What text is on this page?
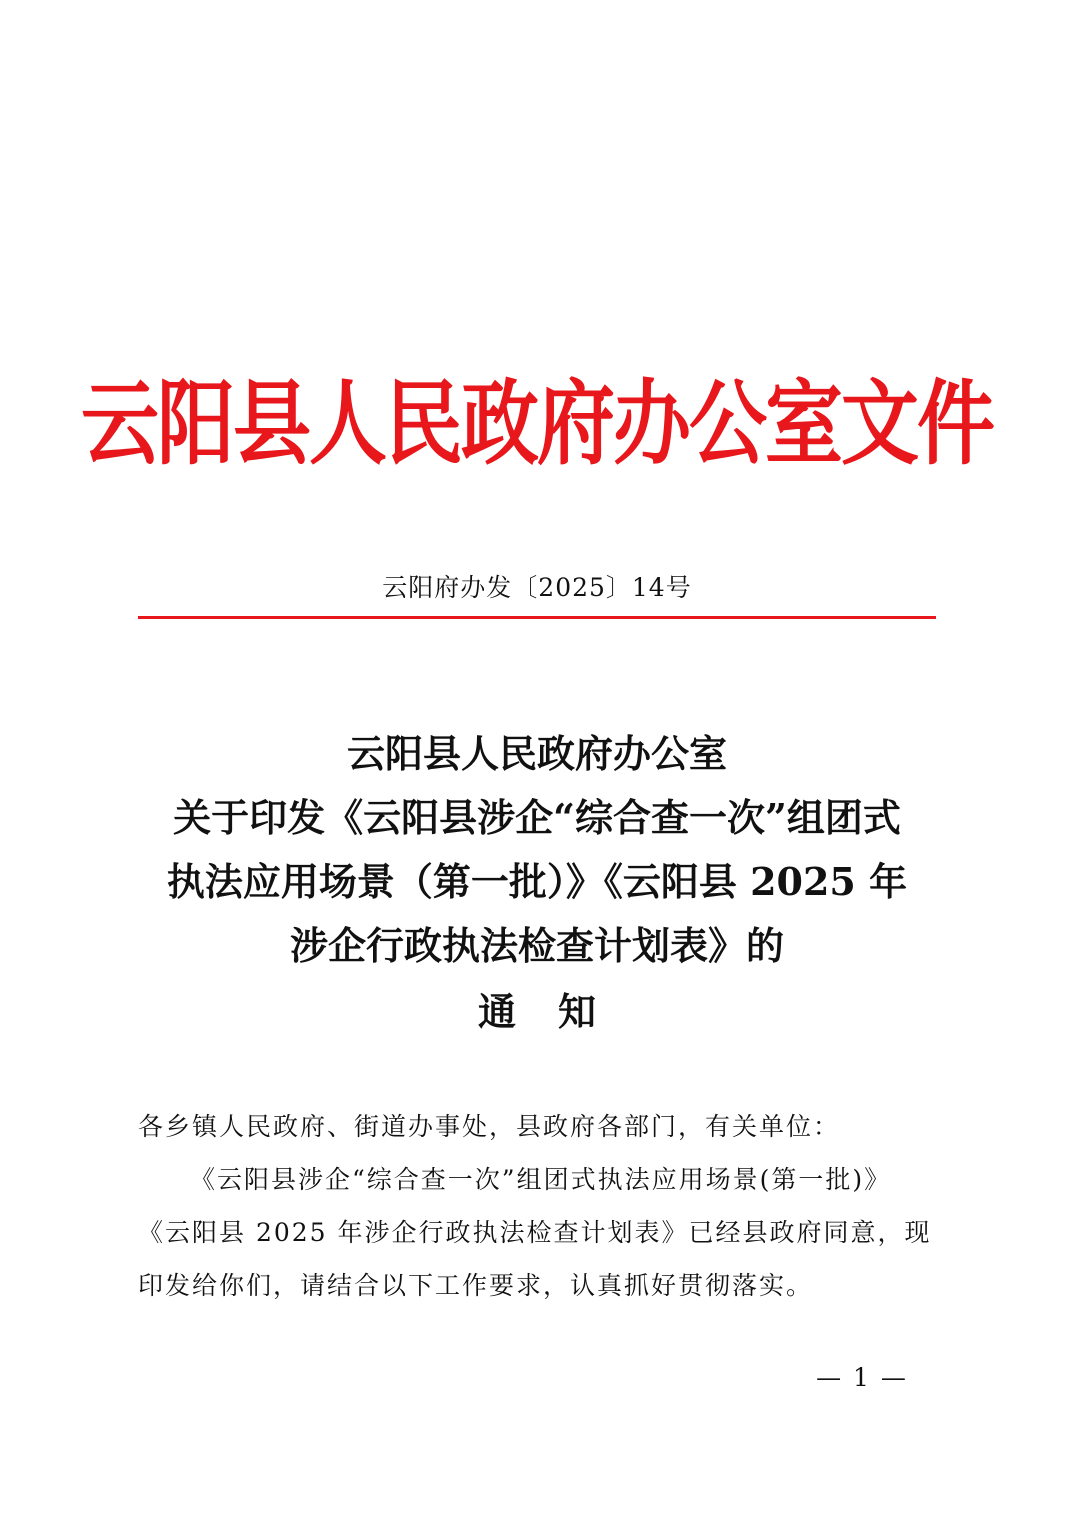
云阳县人民政府办公室文件
云阳府办发〔2025〕14号
云阳县人民政府办公室
关于印发《云阳县涉企“综合查一次”组团式
执法应用场景（第一批）》《云阳县 2025 年
涉企行政执法检查计划表》的
通知
各乡镇人民政府、街道办事处，县政府各部门，有关单位：
《云阳县涉企“综合查一次”组团式执法应用场景(第一批)》
《云阳县 2025 年涉企行政执法检查计划表》已经县政府同意，现
印发给你们，请结合以下工作要求，认真抓好贯彻落实。
— 1 —
